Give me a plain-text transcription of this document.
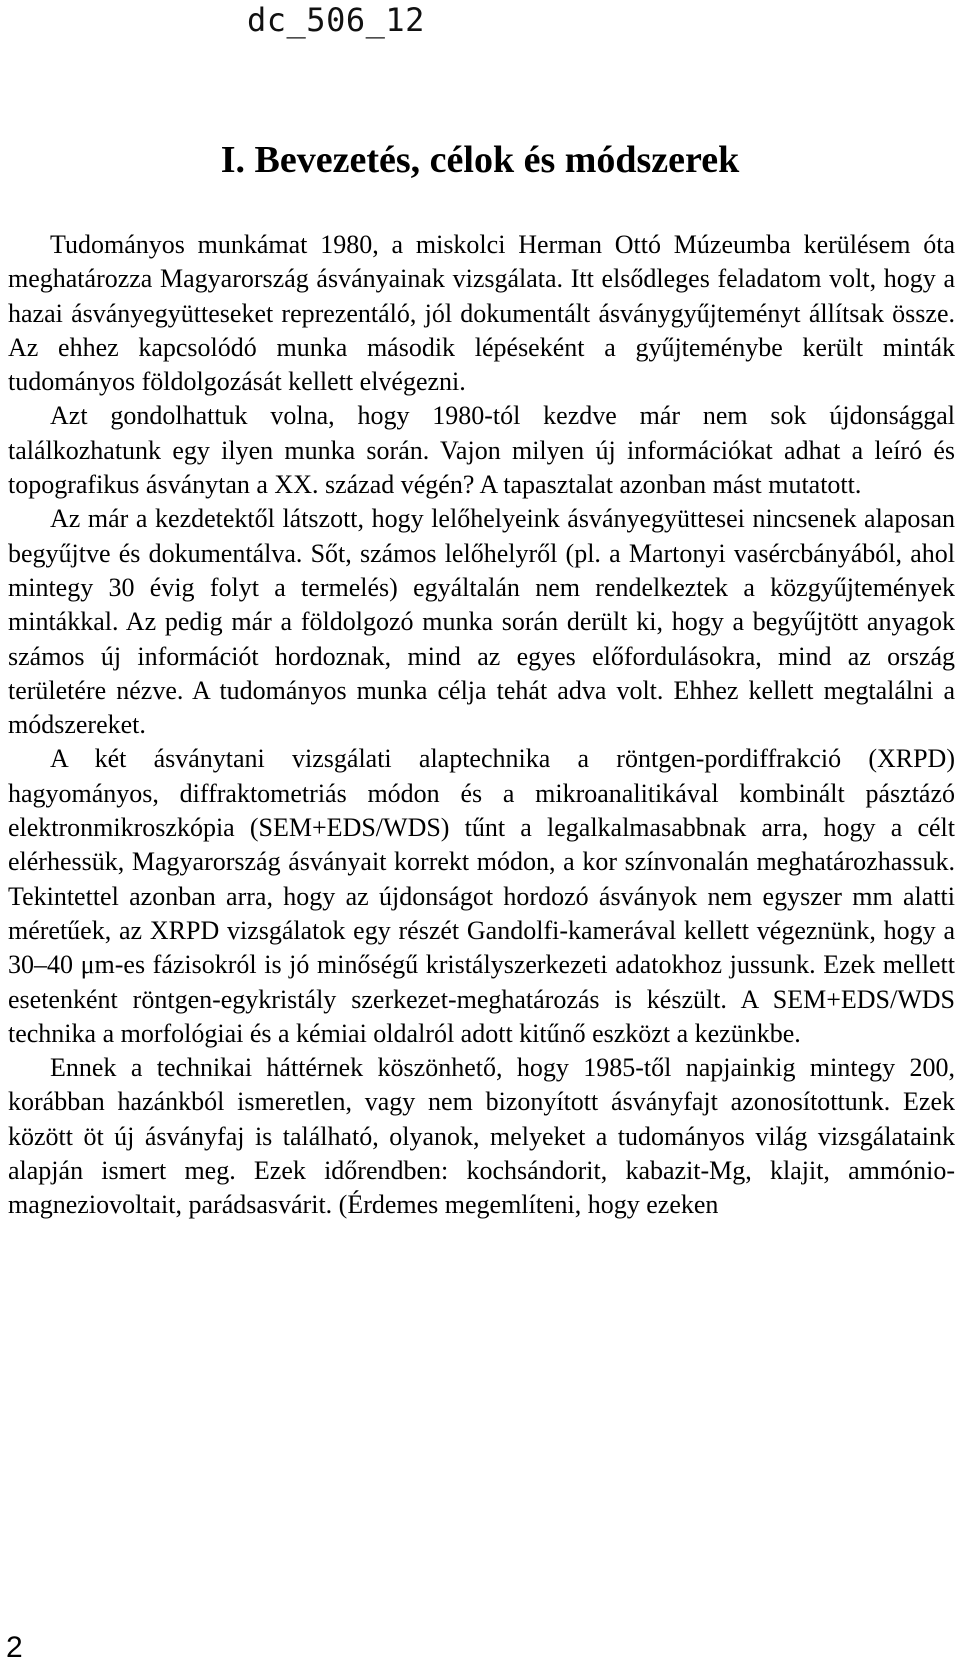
dc_506_12
I. Bevezetés, célok és módszerek

Tudományos munkámat 1980, a miskolci Herman Ottó Múzeumba kerülésem óta meghatározza Magyarország ásványainak vizsgálata. Itt elsődleges feladatom volt, hogy a hazai ásványegyütteseket reprezentáló, jól dokumentált ásványgyűjteményt állítsak össze. Az ehhez kapcsolódó munka második lépéseként a gyűjteménybe került minták tudományos földolgozását kellett elvégezni.

Azt gondolhattuk volna, hogy 1980-tól kezdve már nem sok újdonsággal találkozhatunk egy ilyen munka során. Vajon milyen új információkat adhat a leíró és topografikus ásványtan a XX. század végén? A tapasztalat azonban mást mutatott.

Az már a kezdetektől látszott, hogy lelőhelyeink ásványegyüttesei nincsenek alaposan begyűjtve és dokumentálva. Sőt, számos lelőhelyről (pl. a Martonyi vasércbányából, ahol mintegy 30 évig folyt a termelés) egyáltalán nem rendelkeztek a közgyűjtemények mintákkal. Az pedig már a földolgozó munka során derült ki, hogy a begyűjtött anyagok számos új információt hordoznak, mind az egyes előfordulásokra, mind az ország területére nézve. A tudományos munka célja tehát adva volt. Ehhez kellett megtalálni a módszereket.

A két ásványtani vizsgálati alaptechnika a röntgen-pordiffrakció (XRPD) hagyományos, diffraktometriás módon és a mikroanalitikával kombinált pásztázó elektronmikroszkópia (SEM+EDS/WDS) tűnt a legalkalmasabbnak arra, hogy a célt elérhessük, Magyarország ásványait korrekt módon, a kor színvonalán meghatározhassuk. Tekintettel azonban arra, hogy az újdonságot hordozó ásványok nem egyszer mm alatti méretűek, az XRPD vizsgálatok egy részét Gandolfi-kamerával kellett végeznünk, hogy a 30–40 μm-es fázisokról is jó minőségű kristályszerkezeti adatokhoz jussunk. Ezek mellett esetenként röntgen-egykristály szerkezet-meghatározás is készült. A SEM+EDS/WDS technika a morfológiai és a kémiai oldalról adott kitűnő eszközt a kezünkbe.

Ennek a technikai háttérnek köszönhető, hogy 1985-től napjainkig mintegy 200, korábban hazánkból ismeretlen, vagy nem bizonyított ásványfajt azonosítottunk. Ezek között öt új ásványfaj is található, olyanok, melyeket a tudományos világ vizsgálataink alapján ismert meg. Ezek időrendben: kochsándorit, kabazit-Mg, klajit, ammónio-magneziovoltait, parádsasvárit. (Érdemes megemlíteni, hogy ezeken

2
